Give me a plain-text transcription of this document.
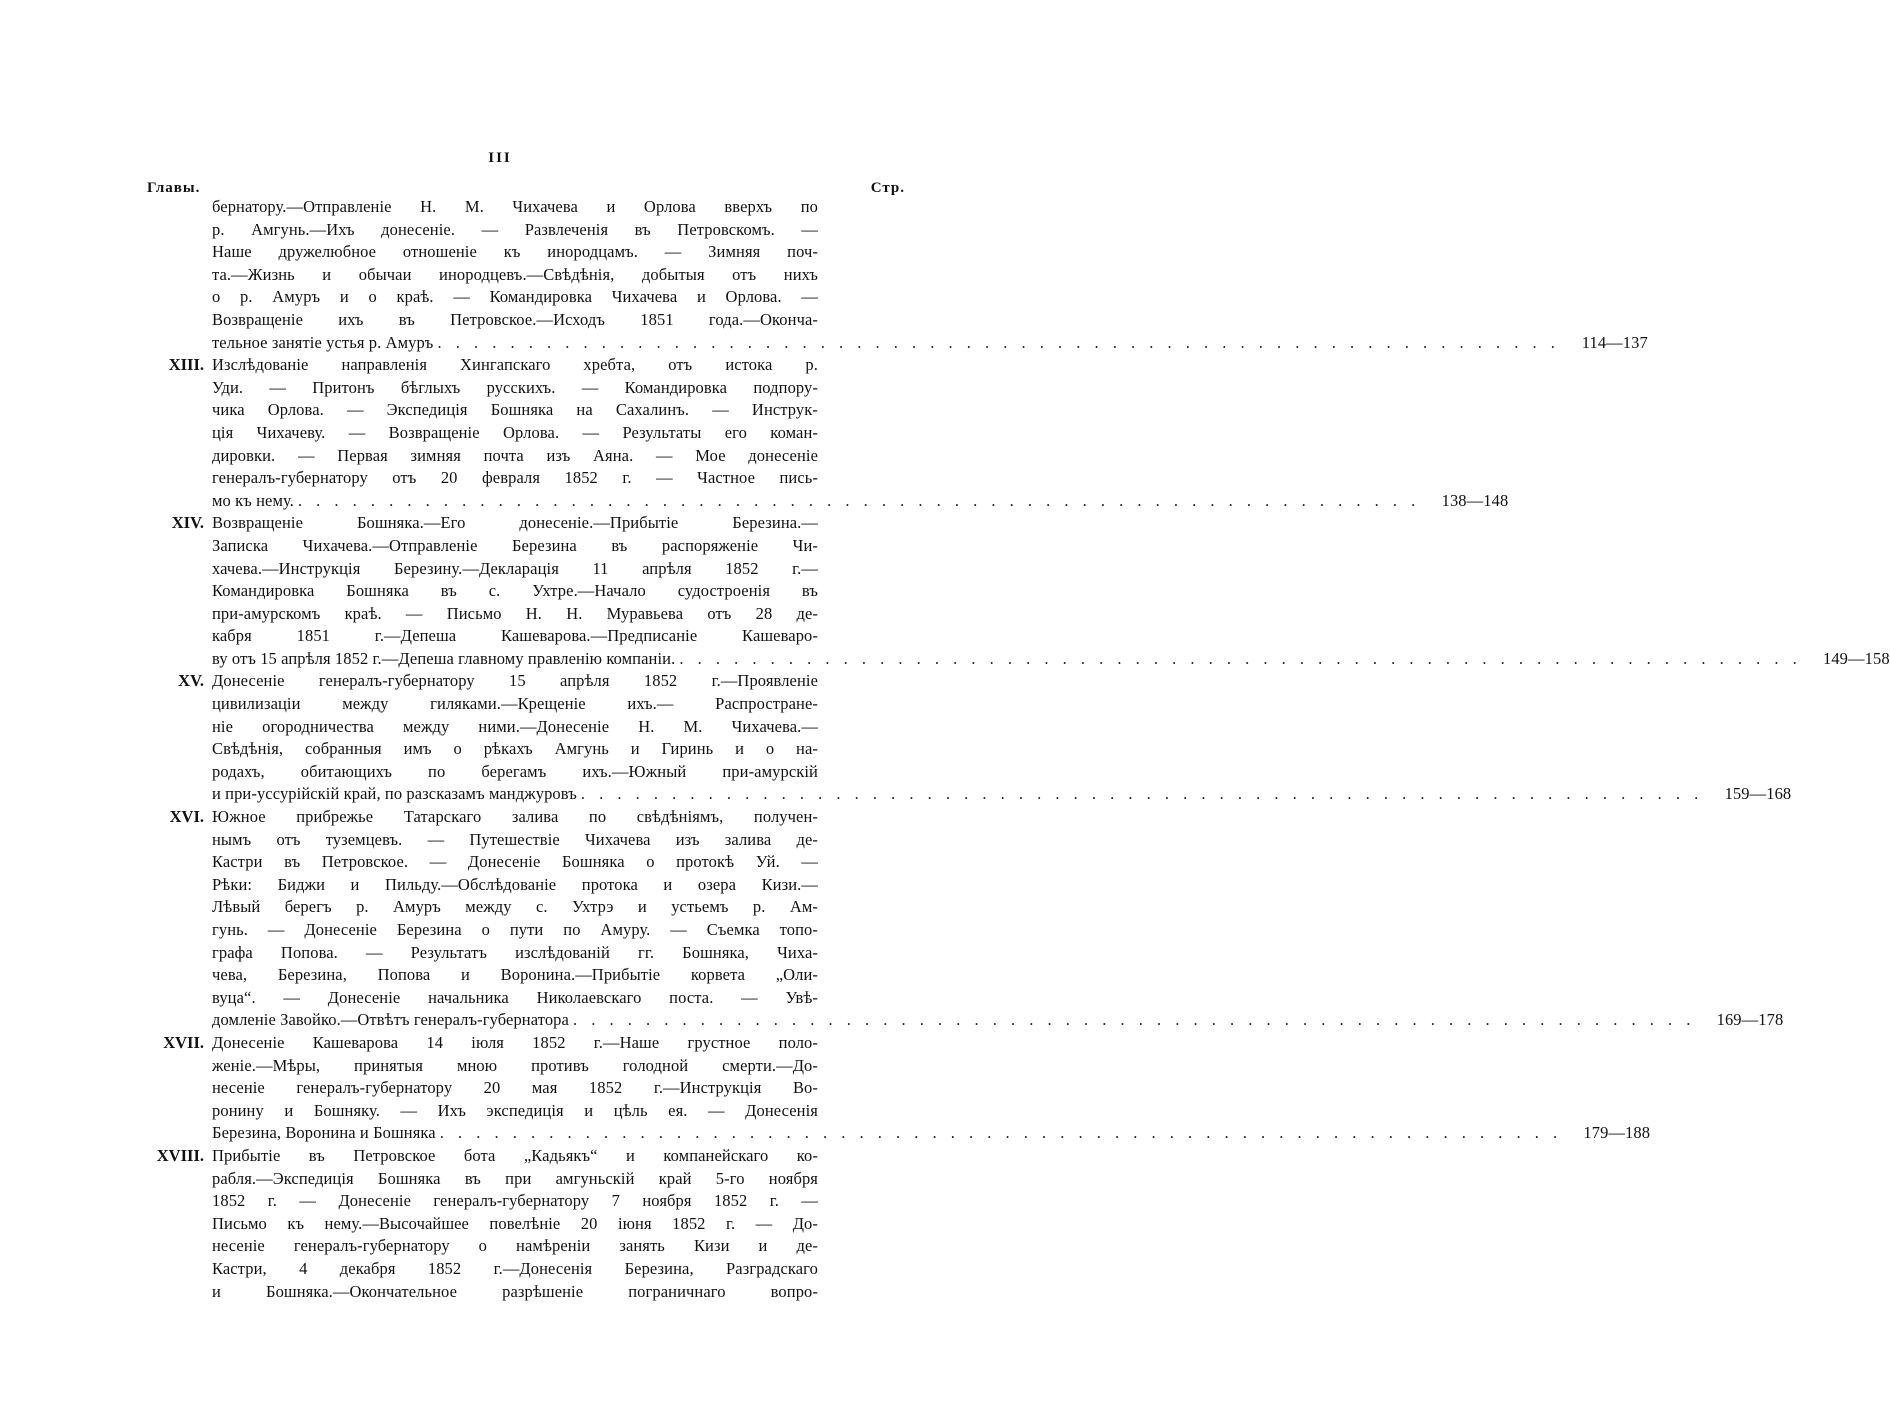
III
Главы.	Стр.
бернатору.—Отправленіе Н. М. Чихачева и Орлова вверхъ по
р. Амгунь.—Ихъ донесеніе. — Развлеченія въ Петровскомъ. —
Наше дружелюбное отношеніе къ инородцамъ. — Зимняя поч-
та.—Жизнь и обычаи инородцевъ.—Свѣдѣнія, добытыя отъ нихъ
о р. Амуръ и о краѣ. — Командировка Чихачева и Орлова. —
Возвращеніе ихъ въ Петровское.—Исходъ 1851 года.—Оконча-
тельное занятіе устья р. Амуръ . . .	114—137
XIII. Изслѣдованіе направленія Хингапскаго хребта, отъ истока р.
Уди. — Притонъ бѣглыхъ русскихъ. — Командировка подпору-
чика Орлова. — Экспедиція Бошняка на Сахалинъ. — Инструк-
ція Чихачеву. — Возвращеніе Орлова. — Результаты его коман-
дировки. — Первая зимняя почта изъ Аяна. — Мое донесеніе
генералъ-губернатору отъ 20 февраля 1852 г. — Частное пись-
мо къ нему. . . .	138—148
XIV. Возвращеніе Бошняка.—Его донесеніе.—Прибытіе Березина.—
Записка Чихачева.—Отправленіе Березина въ распоряженіе Чи-
хачева.—Инструкція Березину.—Декларація 11 апрѣля 1852 г.—
Командировка Бошняка въ с. Ухтре.—Начало судостроенія въ
при-амурскомъ краѣ. — Письмо Н. Н. Муравьева отъ 28 де-
кабря 1851 г.—Депеша Кашеварова.—Предписаніе Кашеваро-
ву отъ 15 апрѣля 1852 г.—Депеша главному правленію компаніи. . . .	149—158
XV. Донесеніе генералъ-губернатору 15 апрѣля 1852 г.—Проявленіе
цивилизаціи между гиляками.—Крещеніе ихъ.— Распростране-
ніе огородничества между ними.—Донесеніе Н. М. Чихачева.—
Свѣдѣнія, собранныя имъ о рѣкахъ Амгунь и Гиринь и о на-
родахъ, обитающихъ по берегамъ ихъ.—Южный при-амурскій
и при-уссурійскій край, по разсказамъ манджуровъ . . .	159—168
XVI. Южное прибрежье Татарскаго залива по свѣдѣніямъ, получен-
нымъ отъ туземцевъ. — Путешествіе Чихачева изъ залива де-
Кастри въ Петровское. — Донесеніе Бошняка о протокѣ Уй. —
Рѣки: Биджи и Пильду.—Обслѣдованіе протока и озера Кизи.—
Лѣвый берегъ р. Амуръ между с. Ухтрэ и устьемъ р. Ам-
гунь. — Донесеніе Березина о пути по Амуру. — Съемка топо-
графа Попова. — Результатъ изслѣдованій гг. Бошняка, Чиха-
чева, Березина, Попова и Воронина.—Прибытіе корвета „Оли-
вуца“. — Донесеніе начальника Николаевскаго поста. — Увѣ-
домленіе Завойко.—Отвѣтъ генералъ-губернатора . . .	169—178
XVII. Донесеніе Кашеварова 14 іюля 1852 г.—Наше грустное поло-
женіе.—Мѣры, принятыя мною противъ голодной смерти.—До-
несеніе генералъ-губернатору 20 мая 1852 г.—Инструкція Во-
ронину и Бошняку. — Ихъ экспедиція и цѣль ея. — Донесенія
Березина, Воронина и Бошняка . . .	179—188
XVIII. Прибытіе въ Петровское бота „Кадьякъ“ и компанейскаго ко-
рабля.—Экспедиція Бошняка въ при амгуньскій край 5-го ноября
1852 г. — Донесеніе генералъ-губернатору 7 ноября 1852 г. —
Письмо къ нему.—Высочайшее повелѣніе 20 іюня 1852 г. — До-
несеніе генералъ-губернатору о намѣреніи занять Кизи и де-
Кастри, 4 декабря 1852 г.—Донесенія Березина, Разградскаго
и Бошняка.—Окончательное разрѣшеніе пограничнаго вопро-
